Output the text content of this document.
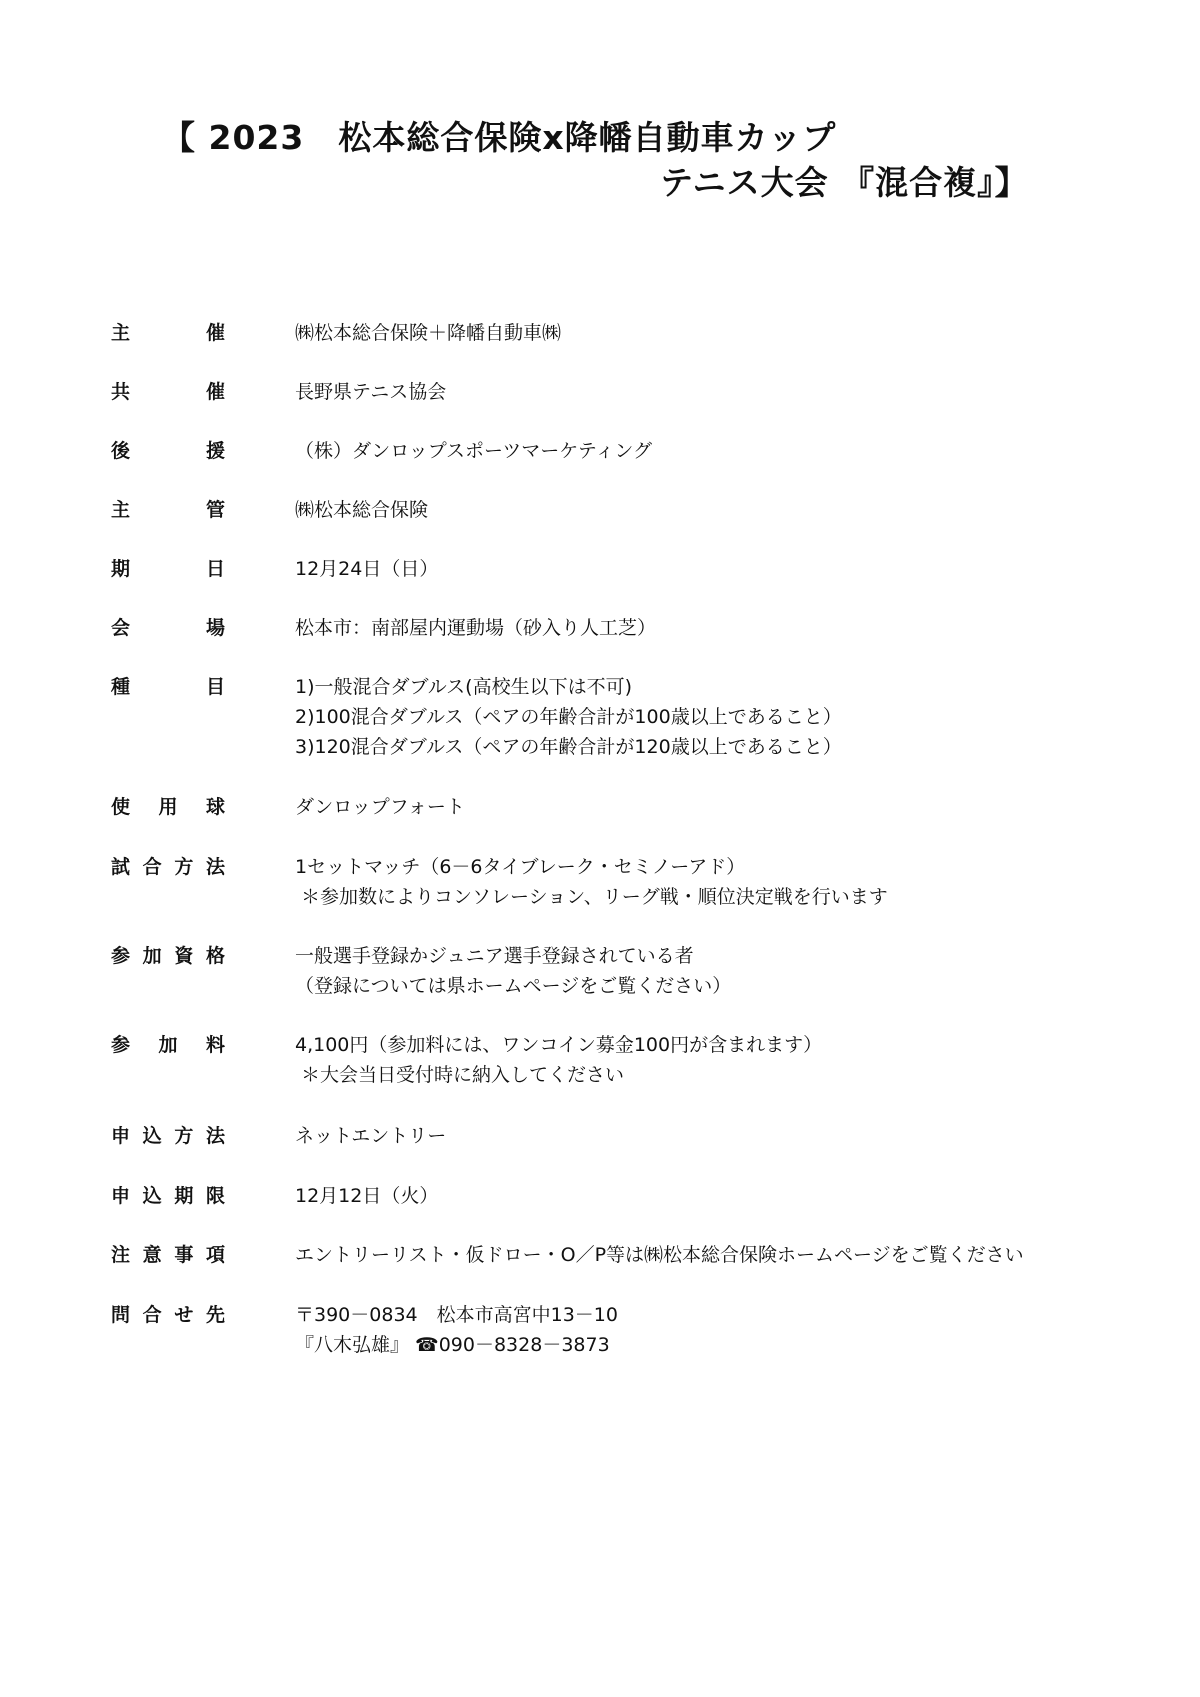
【 2023　松本総合保険x降幡自動車カップ
テニス大会 『混合複』】
主	催	㈱松本総合保険＋降幡自動車㈱
共	催	長野県テニス協会
後	援	（株）ダンロップスポーツマーケティング
主	管	㈱松本総合保険
期	日	12月24日（日）
会	場	松本市：南部屋内運動場（砂入り人工芝）
種	目	1)一般混合ダブルス(高校生以下は不可)
2)100混合ダブルス（ペアの年齢合計が100歳以上であること）
3)120混合ダブルス（ペアの年齢合計が120歳以上であること）
使 用 球	ダンロップフォート
試 合 方 法	1セットマッチ（6－6タイブレーク・セミノーアド）
＊参加数によりコンソレーション、リーグ戦・順位決定戦を行います
参 加 資 格	一般選手登録かジュニア選手登録されている者
（登録については県ホームページをご覧ください）
参 加 料	4,100円（参加料には、ワンコイン募金100円が含まれます）
＊大会当日受付時に納入してください
申 込 方 法	ネットエントリー
申 込 期 限	12月12日（火）
注 意 事 項	エントリーリスト・仮ドロー・O／P等は㈱松本総合保険ホームページをご覧ください
問 合 せ 先	〒390－0834　松本市高宮中13－10
『八木弘雄』 ☎090－8328－3873
